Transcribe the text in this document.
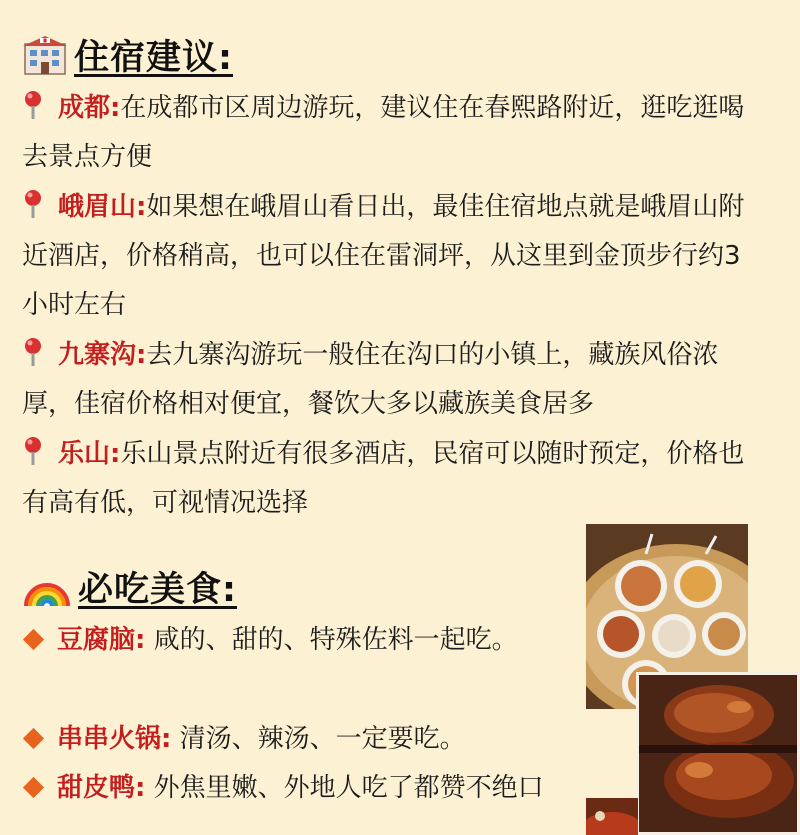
住宿建议:
成都:在成都市区周边游玩，建议住在春熙路附近，逛吃逛喝去景点方便
峨眉山:如果想在峨眉山看日出，最佳住宿地点就是峨眉山附近酒店，价格稍高，也可以住在雷洞坪，从这里到金顶步行约3小时左右
九寨沟:去九寨沟游玩一般住在沟口的小镇上，藏族风俗浓厚，佳宿价格相对便宜，餐饮大多以藏族美食居多
乐山:乐山景点附近有很多酒店，民宿可以随时预定，价格也有高有低，可视情况选择
必吃美食:
豆腐脑: 咸的、甜的、特殊佐料一起吃。
串串火锅: 清汤、辣汤、一定要吃。
甜皮鸭: 外焦里嫩、外地人吃了都赞不绝口
